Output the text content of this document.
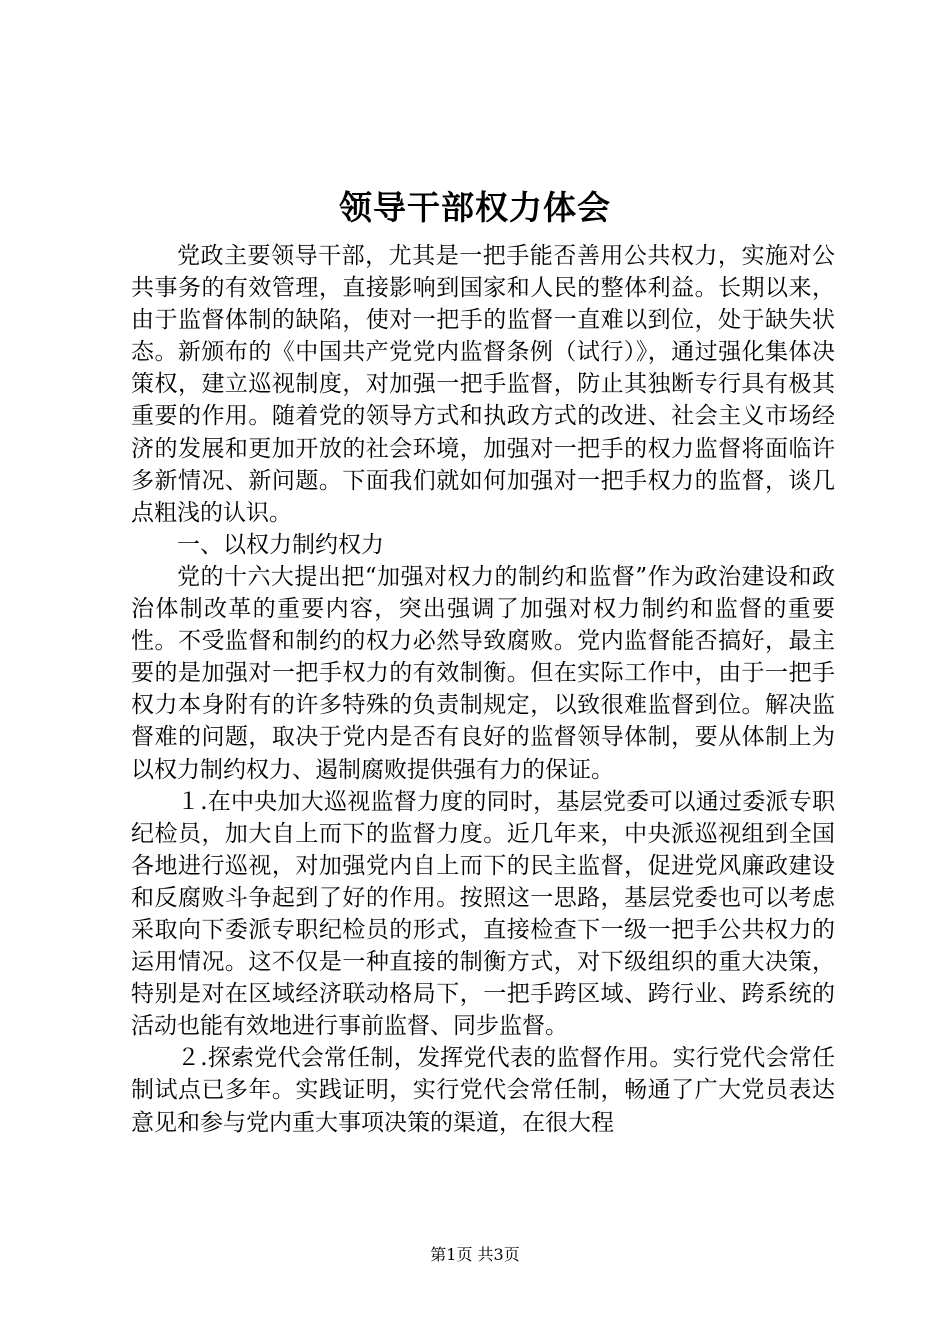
领导干部权力体会

党政主要领导干部，尤其是一把手能否善用公共权力，实施对公共事务的有效管理，直接影响到国家和人民的整体利益。长期以来，由于监督体制的缺陷，使对一把手的监督一直难以到位，处于缺失状态。新颁布的《中国共产党党内监督条例（试行）》，通过强化集体决策权，建立巡视制度，对加强一把手监督，防止其独断专行具有极其重要的作用。随着党的领导方式和执政方式的改进、社会主义市场经济的发展和更加开放的社会环境，加强对一把手的权力监督将面临许多新情况、新问题。下面我们就如何加强对一把手权力的监督，谈几点粗浅的认识。

一、以权力制约权力

党的十六大提出把“加强对权力的制约和监督”作为政治建设和政治体制改革的重要内容，突出强调了加强对权力制约和监督的重要性。不受监督和制约的权力必然导致腐败。党内监督能否搞好，最主要的是加强对一把手权力的有效制衡。但在实际工作中，由于一把手权力本身附有的许多特殊的负责制规定，以致很难监督到位。解决监督难的问题，取决于党内是否有良好的监督领导体制，要从体制上为以权力制约权力、遏制腐败提供强有力的保证。

１.在中央加大巡视监督力度的同时，基层党委可以通过委派专职纪检员，加大自上而下的监督力度。近几年来，中央派巡视组到全国各地进行巡视，对加强党内自上而下的民主监督，促进党风廉政建设和反腐败斗争起到了好的作用。按照这一思路，基层党委也可以考虑采取向下委派专职纪检员的形式，直接检查下一级一把手公共权力的运用情况。这不仅是一种直接的制衡方式，对下级组织的重大决策，特别是对在区域经济联动格局下，一把手跨区域、跨行业、跨系统的活动也能有效地进行事前监督、同步监督。

２.探索党代会常任制，发挥党代表的监督作用。实行党代会常任制试点已多年。实践证明，实行党代会常任制，畅通了广大党员表达意见和参与党内重大事项决策的渠道，在很大程

第1页 共3页
